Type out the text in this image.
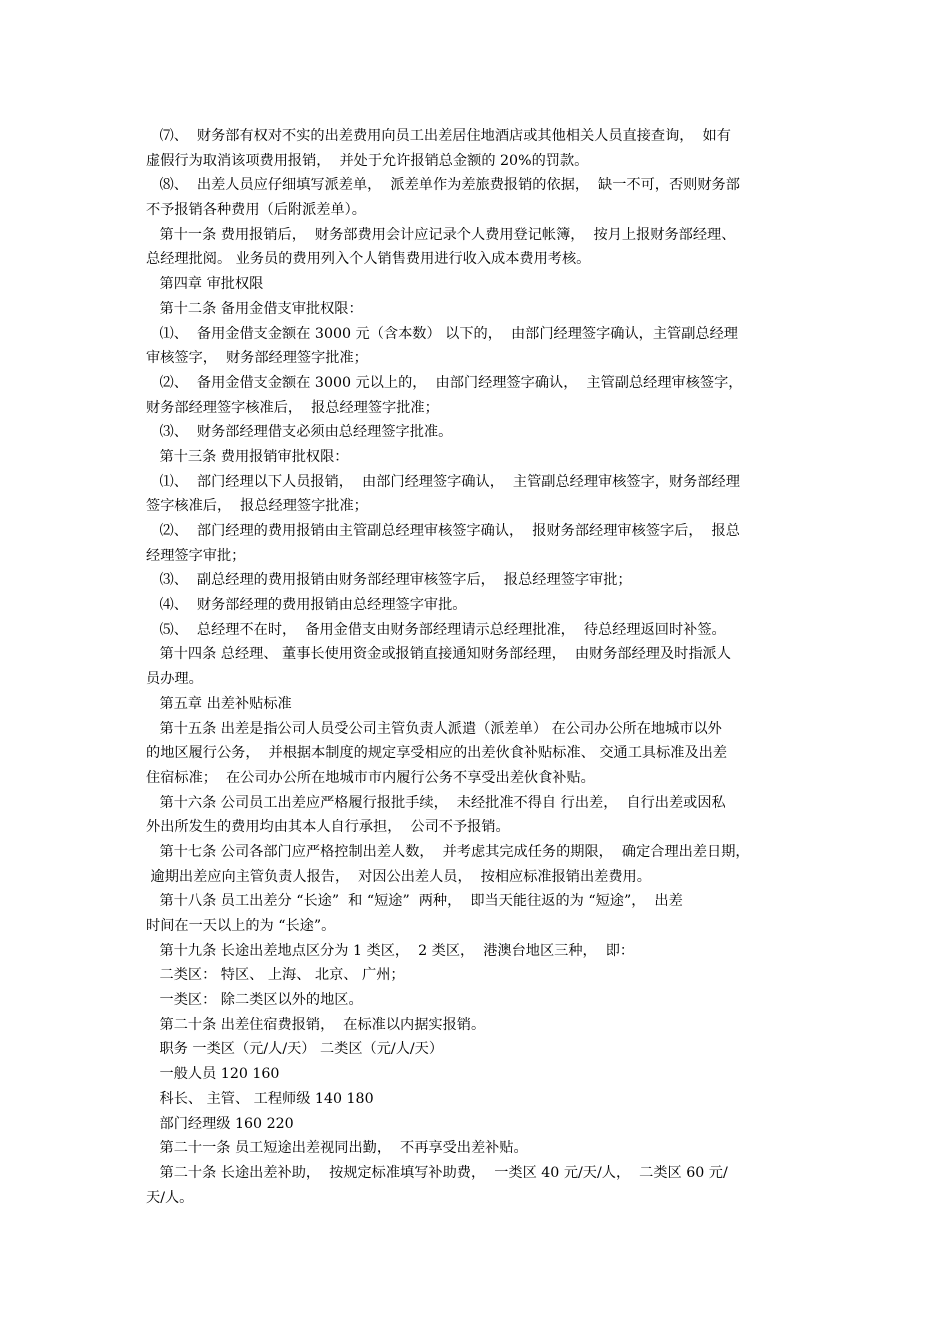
⑺、  财务部有权对不实的出差费用向员工出差居住地酒店或其他相关人员直接查询，  如有
虚假行为取消该项费用报销，  并处于允许报销总金额的 20%的罚款。
⑻、  出差人员应仔细填写派差单，  派差单作为差旅费报销的依据，  缺一不可，否则财务部
不予报销各种费用（后附派差单）。
第十一条 费用报销后，  财务部费用会计应记录个人费用登记帐簿，  按月上报财务部经理、
总经理批阅。 业务员的费用列入个人销售费用进行收入成本费用考核。
第四章 审批权限
第十二条 备用金借支审批权限：
⑴、  备用金借支金额在 3000 元（含本数） 以下的，  由部门经理签字确认，主管副总经理
审核签字，  财务部经理签字批准；
⑵、  备用金借支金额在 3000 元以上的，  由部门经理签字确认，  主管副总经理审核签字，
财务部经理签字核准后，  报总经理签字批准；
⑶、  财务部经理借支必须由总经理签字批准。
第十三条 费用报销审批权限：
⑴、  部门经理以下人员报销，  由部门经理签字确认，  主管副总经理审核签字，财务部经理
签字核准后，  报总经理签字批准；
⑵、  部门经理的费用报销由主管副总经理审核签字确认，  报财务部经理审核签字后，  报总
经理签字审批；
⑶、  副总经理的费用报销由财务部经理审核签字后，  报总经理签字审批；
⑷、  财务部经理的费用报销由总经理签字审批。
⑸、  总经理不在时，  备用金借支由财务部经理请示总经理批准，  待总经理返回时补签。
第十四条 总经理、 董事长使用资金或报销直接通知财务部经理，  由财务部经理及时指派人
员办理。
第五章 出差补贴标准
第十五条 出差是指公司人员受公司主管负责人派遣（派差单） 在公司办公所在地城市以外
的地区履行公务，  并根据本制度的规定享受相应的出差伙食补贴标准、 交通工具标准及出差
住宿标准；  在公司办公所在地城市市内履行公务不享受出差伙食补贴。
第十六条 公司员工出差应严格履行报批手续，  未经批准不得自 行出差，  自行出差或因私
外出所发生的费用均由其本人自行承担，  公司不予报销。
第十七条 公司各部门应严格控制出差人数，  并考虑其完成任务的期限，  确定合理出差日期，
逾期出差应向主管负责人报告，  对因公出差人员，  按相应标准报销出差费用。
第十八条 员工出差分 “长途”  和 “短途”  两种，  即当天能往返的为 “短途”，  出差
时间在一天以上的为 “长途”。
第十九条 长途出差地点区分为 1 类区，  2 类区，  港澳台地区三种，  即：
二类区： 特区、 上海、 北京、 广州；
一类区： 除二类区以外的地区。
第二十条 出差住宿费报销，  在标准以内据实报销。
职务 一类区（元/人/天） 二类区（元/人/天）
一般人员 120 160
科长、 主管、 工程师级 140 180
部门经理级 160 220
第二十一条 员工短途出差视同出勤，  不再享受出差补贴。
第二十条 长途出差补助，  按规定标准填写补助费，  一类区 40 元/天/人，  二类区 60 元/
天/人。
